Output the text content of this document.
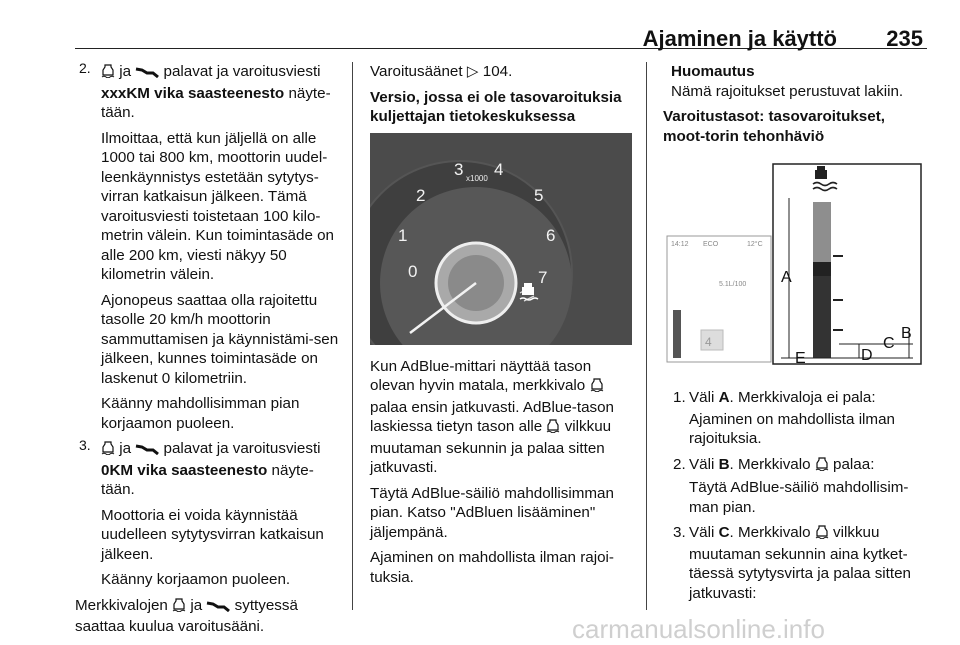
Ajaminen ja käyttö 235
2.	ja palavat ja varoitusviesti xxxKM vika saasteenesto näyte-tään.

Ilmoittaa, että kun jäljellä on alle 1000 tai 800 km, moottorin uudel-leenkäynnistys estetään sytytys-virran katkaisun jälkeen. Tämä varoitusviesti toistetaan 100 kilo-metrin välein. Kun toimintasäde on alle 200 km, viesti näkyy 50 kilometrin välein.

Ajonopeus saattaa olla rajoitettu tasolle 20 km/h moottorin sammuttamisen ja käynnistämi-sen jälkeen, kunnes toimintasäde on laskenut 0 kilometriin.

Käänny mahdollisimman pian korjaamon puoleen.

3.	ja palavat ja varoitusviesti 0KM vika saasteenesto näyte-tään.

Moottoria ei voida käynnistää uudelleen sytytysvirran katkaisun jälkeen.

Käänny korjaamon puoleen.

Merkkivalojen ja syttyessä saattaa kuulua varoitusääni.

Varoitusäänet ▷ 104.

Versio, jossa ei ole tasovaroituksia kuljettajan tietokeskuksessa

0
1
2
3 4
5
6
7
x1000

Kun AdBlue-mittari näyttää tason olevan hyvin matala, merkkivalo  palaa ensin jatkuvasti. AdBlue-tason laskiessa tietyn tason alle vilkkuu muutaman sekunnin ja palaa sitten jatkuvasti.

Täytä AdBlue-säiliö mahdollisimman pian. Katso "AdBluen lisääminen" jäljempänä.

Ajaminen on mahdollista ilman rajoi-tuksia.

Huomautus

Nämä rajoitukset perustuvat lakiin.

Varoitustasot: tasovaroitukset, moot-torin tehonhäviö

14:12 ECO	12°C
5.1L/100
4
A
B
C
D
E
1. Väli A. Merkkivaloja ei pala:
Ajaminen on mahdollista ilman rajoituksia.
2. Väli B. Merkkivalo palaa:
Täytä AdBlue-säiliö mahdollisim-man pian.
3. Väli C. Merkkivalo vilkkuu muutaman sekunnin aina kytket-täessä sytytysvirta ja palaa sitten jatkuvasti:
carmanualsonline.info
